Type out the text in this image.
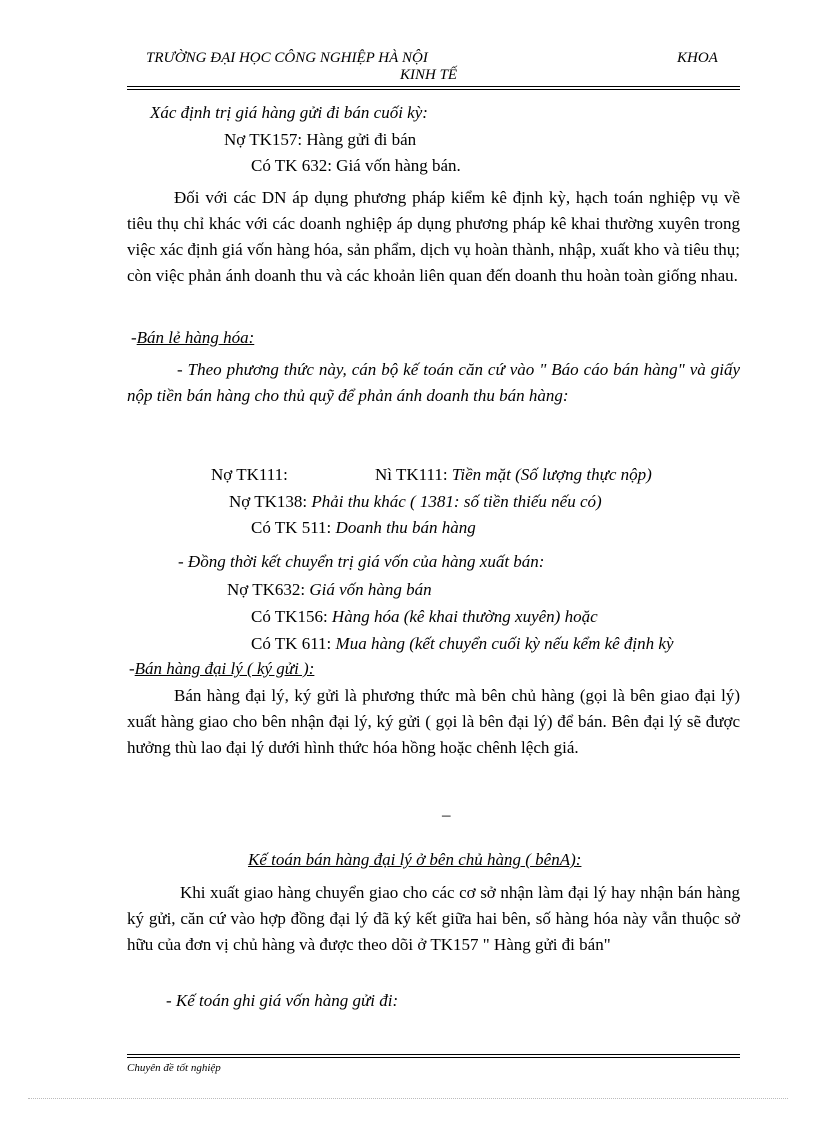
TRƯỜNG ĐẠI HỌC CÔNG NGHIỆP HÀ NỘI
KINH TẾ
KHOA
Xác định trị giá hàng gửi đi bán cuối kỳ:
Nợ TK157: Hàng gửi đi bán
Có TK 632: Giá vốn hàng bán.
Đối với các DN áp dụng phương pháp kiểm kê định kỳ, hạch toán nghiệp vụ về tiêu thụ chỉ khác với các doanh nghiệp áp dụng phương pháp kê khai thường xuyên trong việc xác định giá vốn hàng hóa, sản phẩm, dịch vụ hoàn thành, nhập, xuất kho và tiêu thụ; còn việc phản ánh doanh thu và các khoản liên quan đến doanh thu hoàn toàn giống nhau.
-Bán lẻ hàng hóa:
- Theo phương thức này, cán bộ kế toán căn cứ vào " Báo cáo bán hàng" và giấy nộp tiền bán hàng cho thủ quỹ để phản ánh doanh thu bán hàng:
Nợ TK111:	Nì TK111: Tiền mặt (Số lượng thực nộp)
Nợ TK138: Phải thu khác ( 1381: số tiền thiếu nếu có)
Có TK 511: Doanh thu bán hàng
- Đồng thời kết chuyển trị giá vốn của hàng xuất bán:
Nợ TK632: Giá vốn hàng bán
Có TK156: Hàng hóa (kê khai thường xuyên) hoặc
Có TK 611: Mua hàng (kết chuyển cuối kỳ nếu kểm kê định kỳ
-Bán hàng đại lý ( ký gửi ):
Bán hàng đại lý, ký gửi là phương thức mà bên chủ hàng (gọi là bên giao đại lý) xuất hàng giao cho bên nhận đại lý, ký gửi ( gọi là bên đại lý) để bán. Bên đại lý sẽ được hưởng thù lao đại lý dưới hình thức hóa hồng hoặc chênh lệch giá.
–
Kế toán bán hàng đại lý ở bên chủ hàng ( bênA):
Khi xuất giao hàng chuyển giao cho các cơ sở nhận làm đại lý hay nhận bán hàng ký gửi, căn cứ vào hợp đồng đại lý đã ký kết giữa hai bên, số hàng hóa này vẫn thuộc sở hữu của đơn vị chủ hàng và được theo dõi ở TK157 " Hàng gửi đi bán"
- Kế toán ghi giá vốn hàng gửi đi:
Chuyên đề tốt nghiệp
